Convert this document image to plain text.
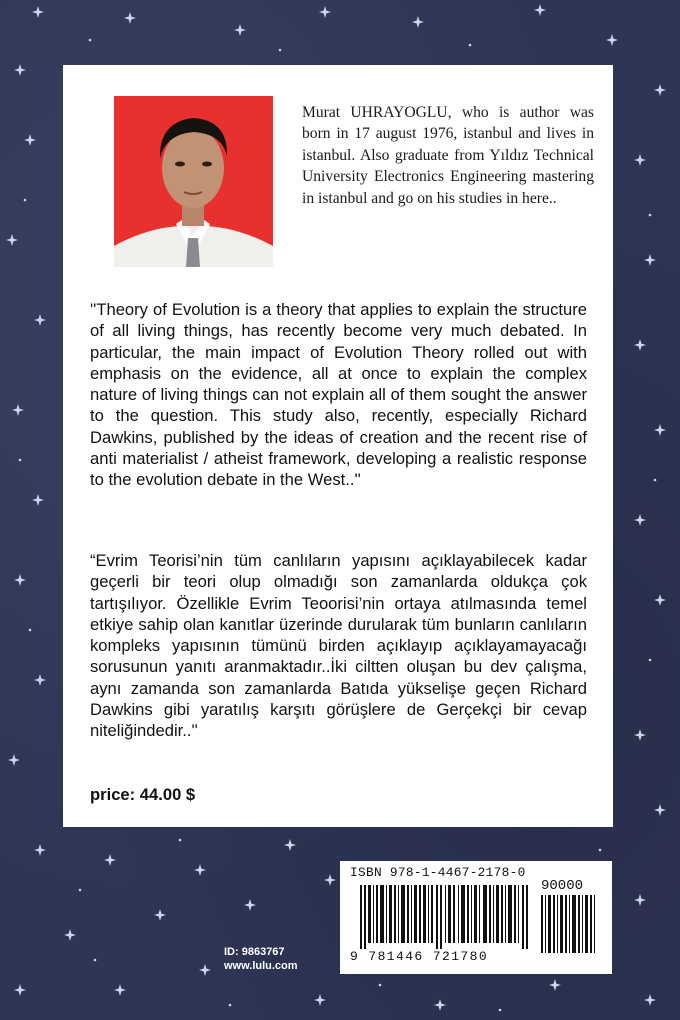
Murat UHRAYOGLU, who is author was born in 17 august 1976, istanbul and lives in istanbul. Also graduate from Yıldız Technical University Electronics Engineering mastering in istanbul and go on his studies in here..
''Theory of Evolution is a theory that applies to explain the structure of all living things, has recently become very much debated. In particular, the main impact of Evolution Theory rolled out with emphasis on the evidence, all at once to explain the complex nature of living things can not explain all of them sought the answer to the question. This study also, recently, especially Richard Dawkins, published by the ideas of creation and the recent rise of anti materialist / atheist framework, developing a realistic response to the evolution debate in the West..''
“Evrim Teorisi’nin tüm canlıların yapısını açıklayabilecek kadar geçerli bir teori olup olmadığı son zamanlarda oldukça çok tartışılıyor. Özellikle Evrim Teoorisi’nin ortaya atılmasında temel etkiye sahip olan kanıtlar üzerinde durularak tüm bunların canlıların kompleks yapısının tümünü birden açıklayıp açıklayamayacağı sorusunun yanıtı aranmaktadır..İki ciltten oluşan bu dev çalışma, aynı zamanda son zamanlarda Batıda yükselişe geçen Richard Dawkins gibi yaratılış karşıtı görüşlere de Gerçekçi bir cevap niteliğindedir..''
price: 44.00 $
ISBN 978-1-4467-2178-0
90000
9 781446 721780
ID: 9863767
www.lulu.com
